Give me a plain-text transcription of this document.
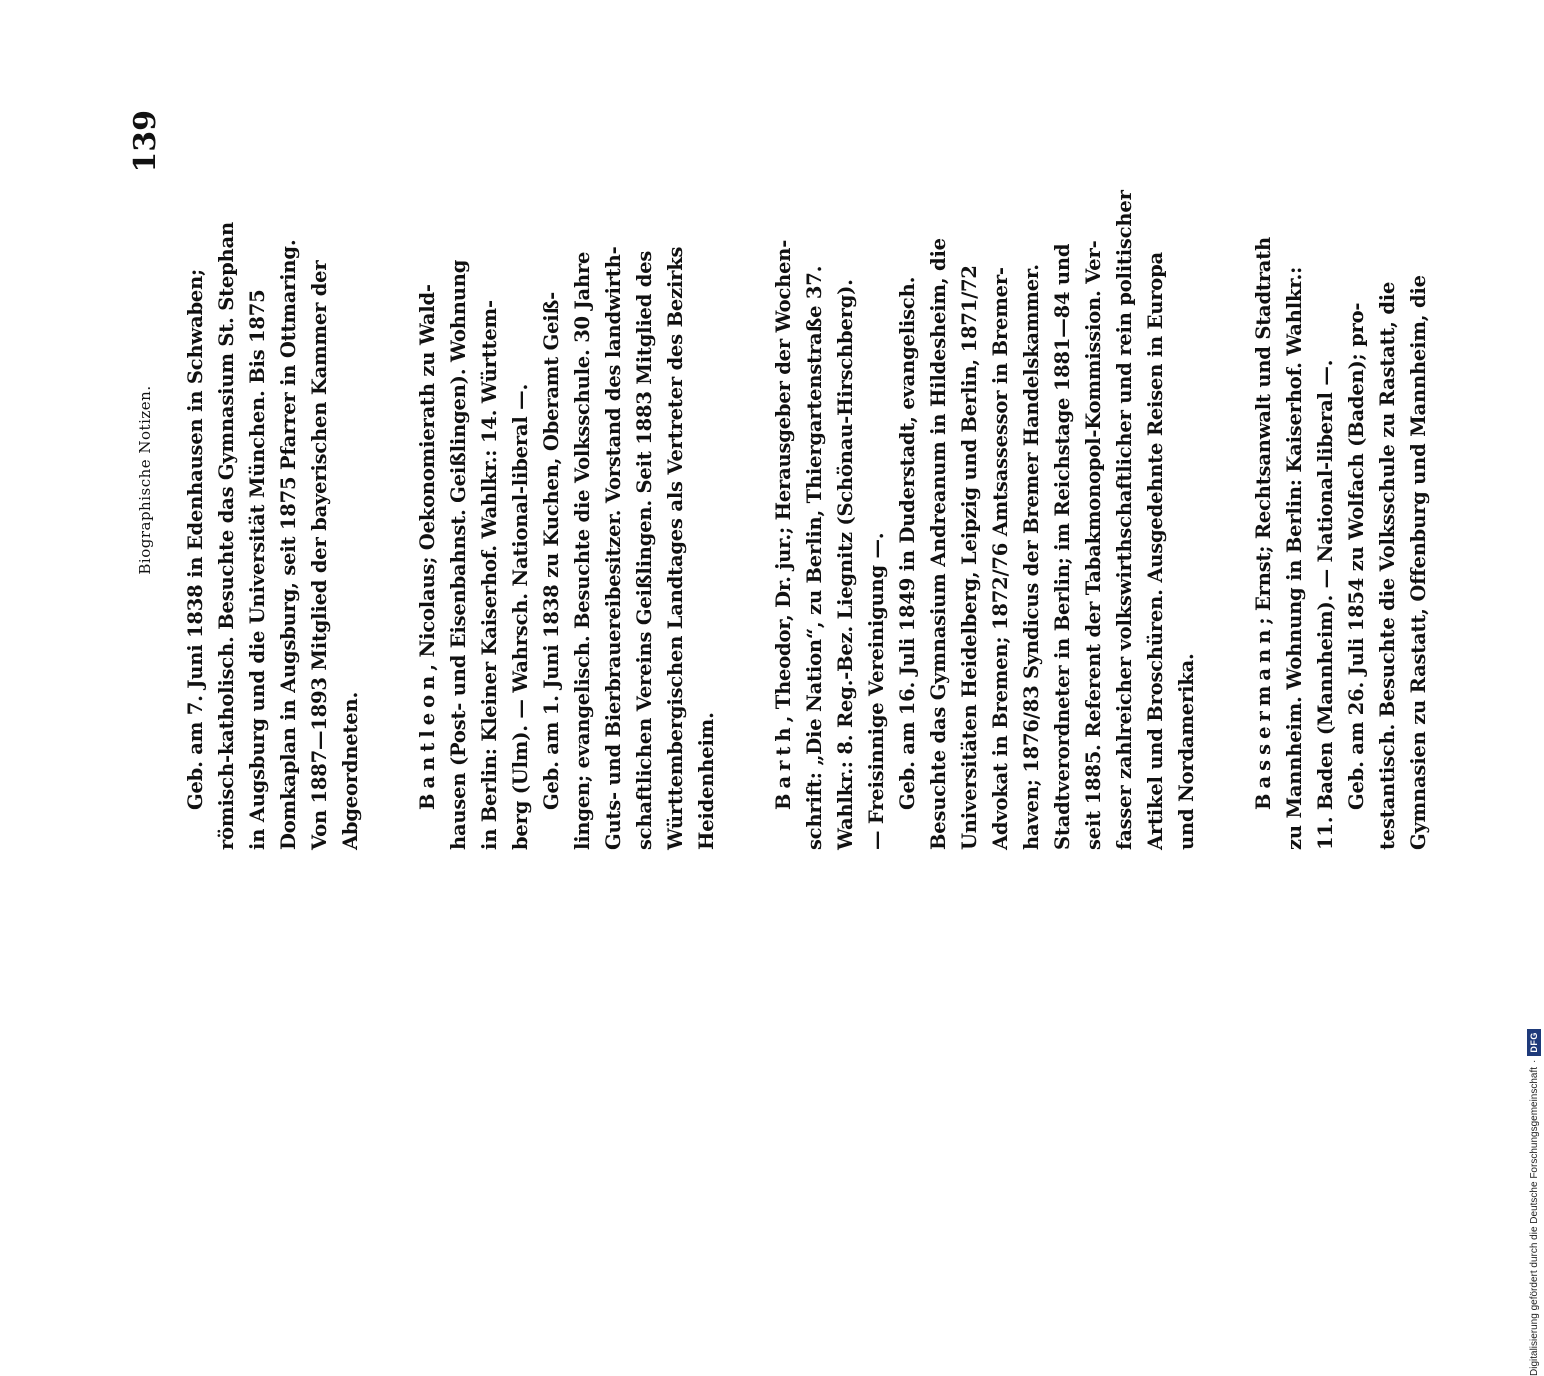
Biographische Notizen.
139

Geb. am 7. Juni 1838 in Edenhausen in Schwaben;
römisch-katholisch. Besuchte das Gymnasium St. Stephan
in Augsburg und die Universität München. Bis 1875
Domkaplan in Augsburg, seit 1875 Pfarrer in Ottmaring.
Von 1887—1893 Mitglied der bayerischen Kammer der
Abgeordneten.	Bantleon, Nicolaus; Oekonomierath zu Wald-
hausen (Post- und Eisenbahnst. Geißlingen). Wohnung
in Berlin: Kleiner Kaiserhof. Wahlkr.: 14. Württem-
berg (Ulm). — Wahrsch. National-liberal —.

Geb. am 1. Juni 1838 zu Kuchen, Oberamt Geiß-
lingen; evangelisch. Besuchte die Volksschule. 30 Jahre
Guts- und Bierbrauereibesitzer. Vorstand des landwirth-
schaftlichen Vereins Geißlingen. Seit 1883 Mitglied des
Württembergischen Landtages als Vertreter des Bezirks
Heidenheim.	Barth, Theodor, Dr. jur.; Herausgeber der Wochen-
schrift: „Die Nation“, zu Berlin, Thiergartenstraße 37.
Wahlkr.: 8. Reg.-Bez. Liegnitz (Schönau-Hirschberg).
— Freisinnige Vereinigung —.

Geb. am 16. Juli 1849 in Duderstadt, evangelisch.
Besuchte das Gymnasium Andreanum in Hildesheim, die
Universitäten Heidelberg, Leipzig und Berlin, 1871/72
Advokat in Bremen; 1872/76 Amtsassessor in Bremer-
haven; 1876/83 Syndicus der Bremer Handelskammer.
Stadtverordneter in Berlin; im Reichstage 1881—84 und
seit 1885. Referent der Tabakmonopol-Kommission. Ver-
fasser zahlreicher volkswirthschaftlicher und rein politischer
Artikel und Broschüren. Ausgedehnte Reisen in Europa
und Nordamerika.	Bassermann; Ernst; Rechtsanwalt und Stadtrath
zu Mannheim. Wohnung in Berlin: Kaiserhof. Wahlkr.:
11. Baden (Mannheim). — National-liberal —.

Geb. am 26. Juli 1854 zu Wolfach (Baden); pro-
testantisch. Besuchte die Volksschule zu Rastatt, die
Gymnasien zu Rastatt, Offenburg und Mannheim, die

Digitalisierung gefördert durch die Deutsche Forschungsgemeinschaft
·
DFG
